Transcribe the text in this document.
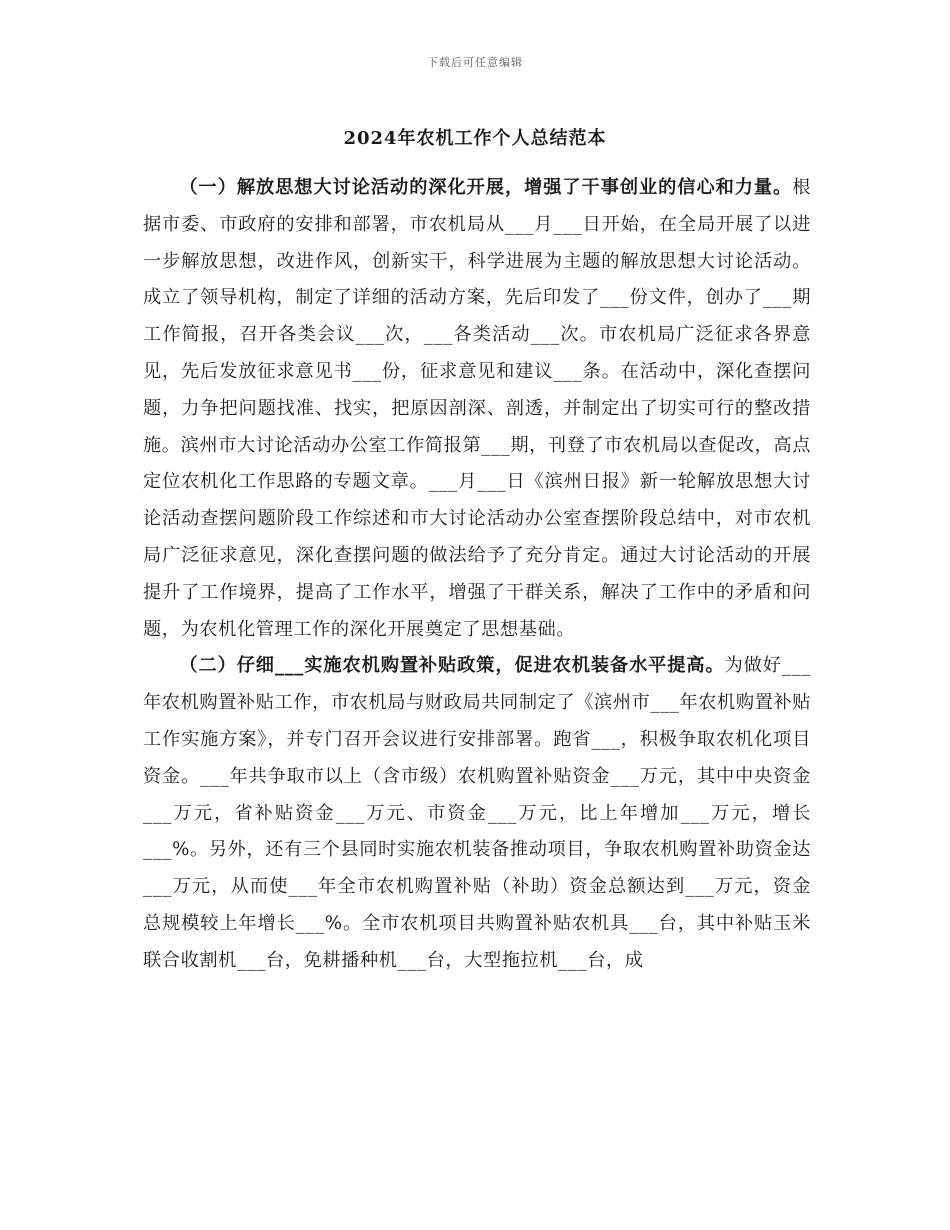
下载后可任意编辑
2024年农机工作个人总结范本

（一）解放思想大讨论活动的深化开展，增强了干事创业的信心和力量。根据市委、市政府的安排和部署，市农机局从___月___日开始，在全局开展了以进一步解放思想，改进作风，创新实干，科学进展为主题的解放思想大讨论活动。成立了领导机构，制定了详细的活动方案，先后印发了___份文件，创办了___期工作简报，召开各类会议___次，___各类活动___次。市农机局广泛征求各界意见，先后发放征求意见书___份，征求意见和建议___条。在活动中，深化查摆问题，力争把问题找准、找实，把原因剖深、剖透，并制定出了切实可行的整改措施。滨州市大讨论活动办公室工作简报第___期，刊登了市农机局以查促改，高点定位农机化工作思路的专题文章。___月___日《滨州日报》新一轮解放思想大讨论活动查摆问题阶段工作综述和市大讨论活动办公室查摆阶段总结中，对市农机局广泛征求意见，深化查摆问题的做法给予了充分肯定。通过大讨论活动的开展提升了工作境界，提高了工作水平，增强了干群关系，解决了工作中的矛盾和问题，为农机化管理工作的深化开展奠定了思想基础。

（二）仔细___实施农机购置补贴政策，促进农机装备水平提高。为做好___年农机购置补贴工作，市农机局与财政局共同制定了《滨州市___年农机购置补贴工作实施方案》，并专门召开会议进行安排部署。跑省___，积极争取农机化项目资金。___年共争取市以上（含市级）农机购置补贴资金___万元，其中中央资金___万元，省补贴资金___万元、市资金___万元，比上年增加___万元，增长___%。另外，还有三个县同时实施农机装备推动项目，争取农机购置补助资金达___万元，从而使___年全市农机购置补贴（补助）资金总额达到___万元，资金总规模较上年增长___%。全市农机项目共购置补贴农机具___台，其中补贴玉米联合收割机___台，免耕播种机___台，大型拖拉机___台，成
